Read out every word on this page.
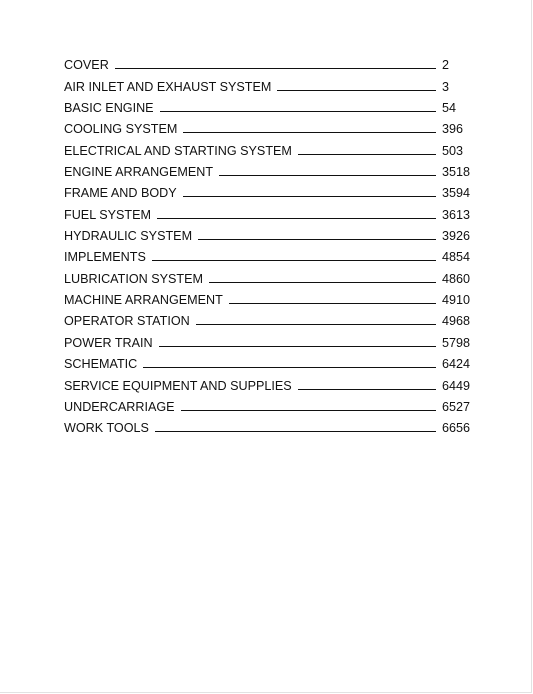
COVER	2
AIR INLET AND EXHAUST SYSTEM	3
BASIC ENGINE	54
COOLING SYSTEM	396
ELECTRICAL AND STARTING SYSTEM	503
ENGINE ARRANGEMENT	3518
FRAME AND BODY	3594
FUEL SYSTEM	3613
HYDRAULIC SYSTEM	3926
IMPLEMENTS	4854
LUBRICATION SYSTEM	4860
MACHINE ARRANGEMENT	4910
OPERATOR STATION	4968
POWER TRAIN	5798
SCHEMATIC	6424
SERVICE EQUIPMENT AND SUPPLIES	6449
UNDERCARRIAGE	6527
WORK TOOLS	6656
